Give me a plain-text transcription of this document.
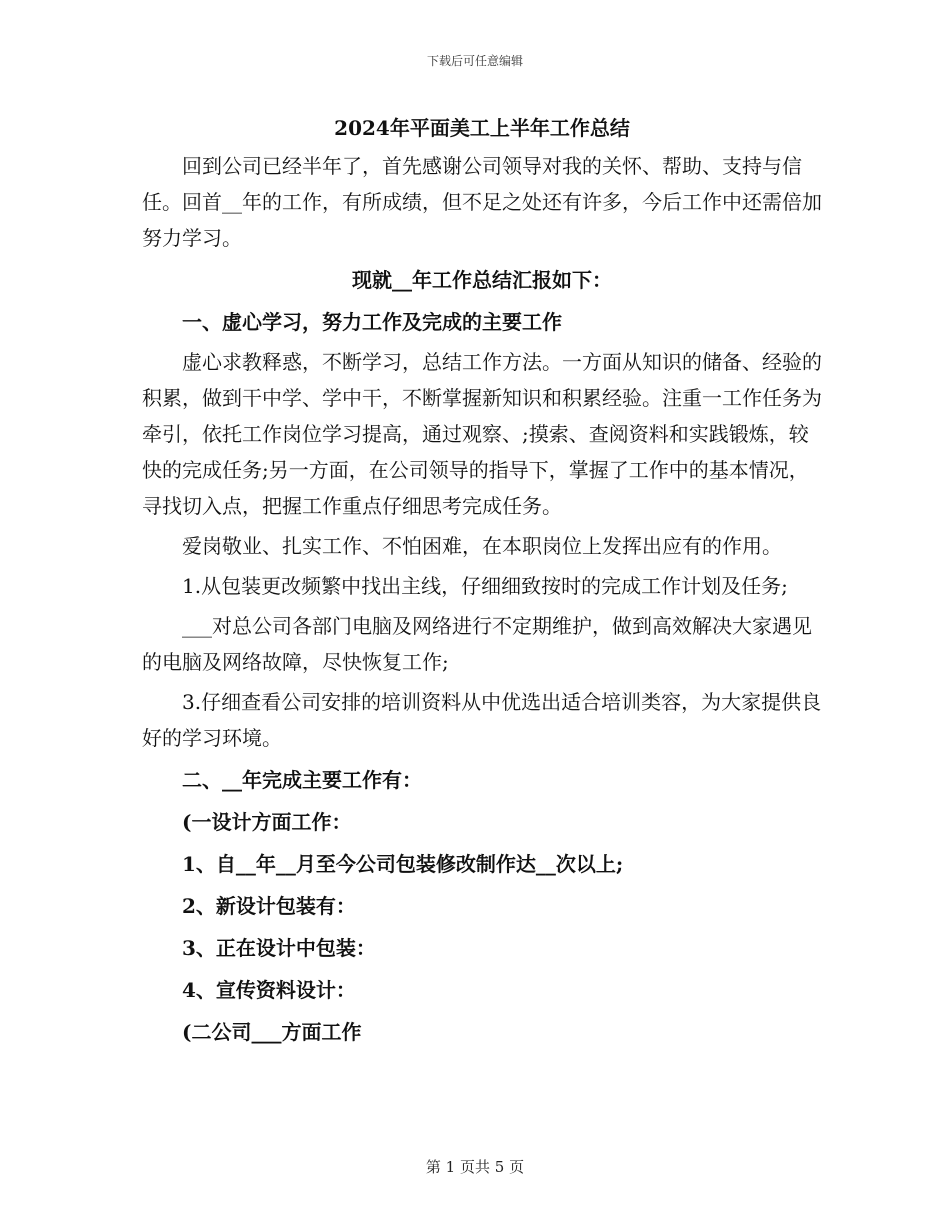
下载后可任意编辑

2024年平面美工上半年工作总结

回到公司已经半年了，首先感谢公司领导对我的关怀、帮助、支持与信任。回首__年的工作，有所成绩，但不足之处还有许多，今后工作中还需倍加努力学习。

现就__年工作总结汇报如下：

一、虚心学习，努力工作及完成的主要工作

虚心求教释惑，不断学习，总结工作方法。一方面从知识的储备、经验的积累，做到干中学、学中干，不断掌握新知识和积累经验。注重一工作任务为牵引，依托工作岗位学习提高，通过观察、;摸索、查阅资料和实践锻炼，较快的完成任务;另一方面，在公司领导的指导下，掌握了工作中的基本情况，寻找切入点，把握工作重点仔细思考完成任务。

爱岗敬业、扎实工作、不怕困难，在本职岗位上发挥出应有的作用。

1.从包装更改频繁中找出主线，仔细细致按时的完成工作计划及任务;

___对总公司各部门电脑及网络进行不定期维护，做到高效解决大家遇见的电脑及网络故障，尽快恢复工作;

3.仔细查看公司安排的培训资料从中优选出适合培训类容，为大家提供良好的学习环境。

二、__年完成主要工作有：

(一设计方面工作：

1、自__年__月至今公司包装修改制作达__次以上;

2、新设计包装有：

3、正在设计中包装：

4、宣传资料设计：

(二公司___方面工作

第 1 页共 5 页
